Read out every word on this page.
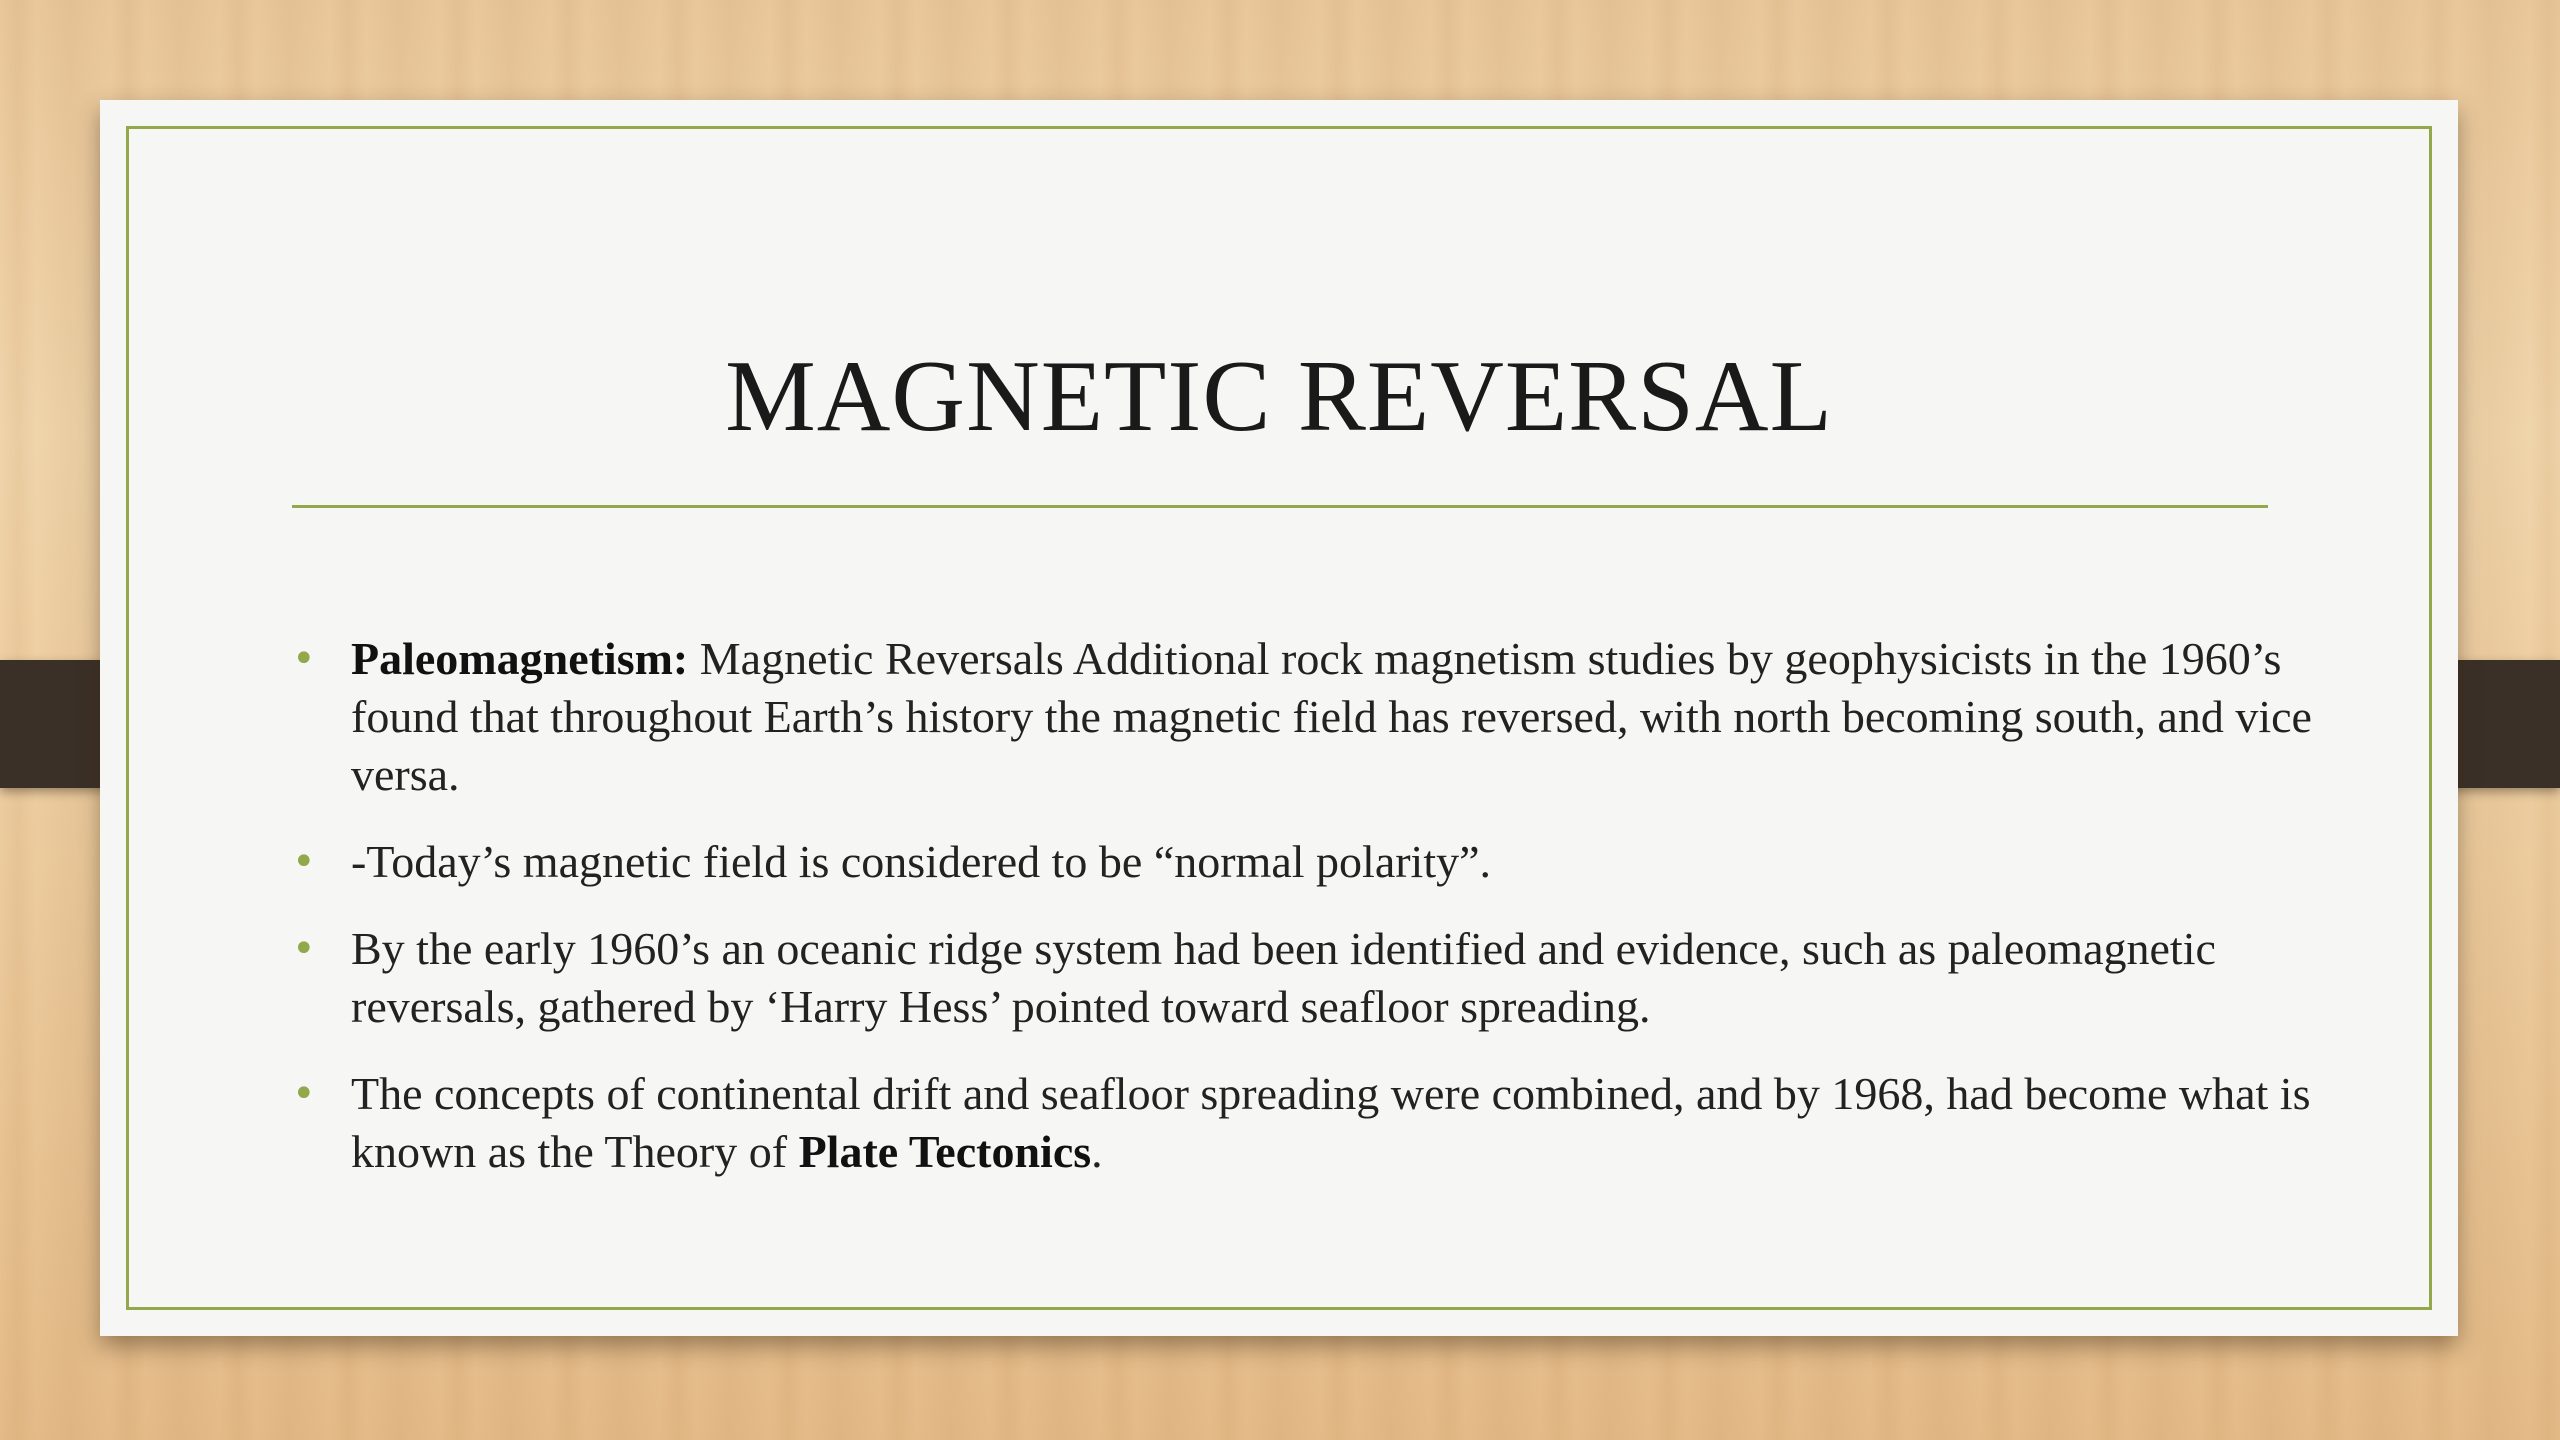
MAGNETIC REVERSAL
• Paleomagnetism: Magnetic Reversals Additional rock magnetism studies by geophysicists in the 1960’s found that throughout Earth’s history the magnetic field has reversed, with north becoming south, and vice versa.
• -Today’s magnetic field is considered to be “normal polarity”.
• By the early 1960’s an oceanic ridge system had been identified and evidence, such as paleomagnetic reversals, gathered by ‘Harry Hess’ pointed toward seafloor spreading.
• The concepts of continental drift and seafloor spreading were combined, and by 1968, had become what is known as the Theory of Plate Tectonics.
